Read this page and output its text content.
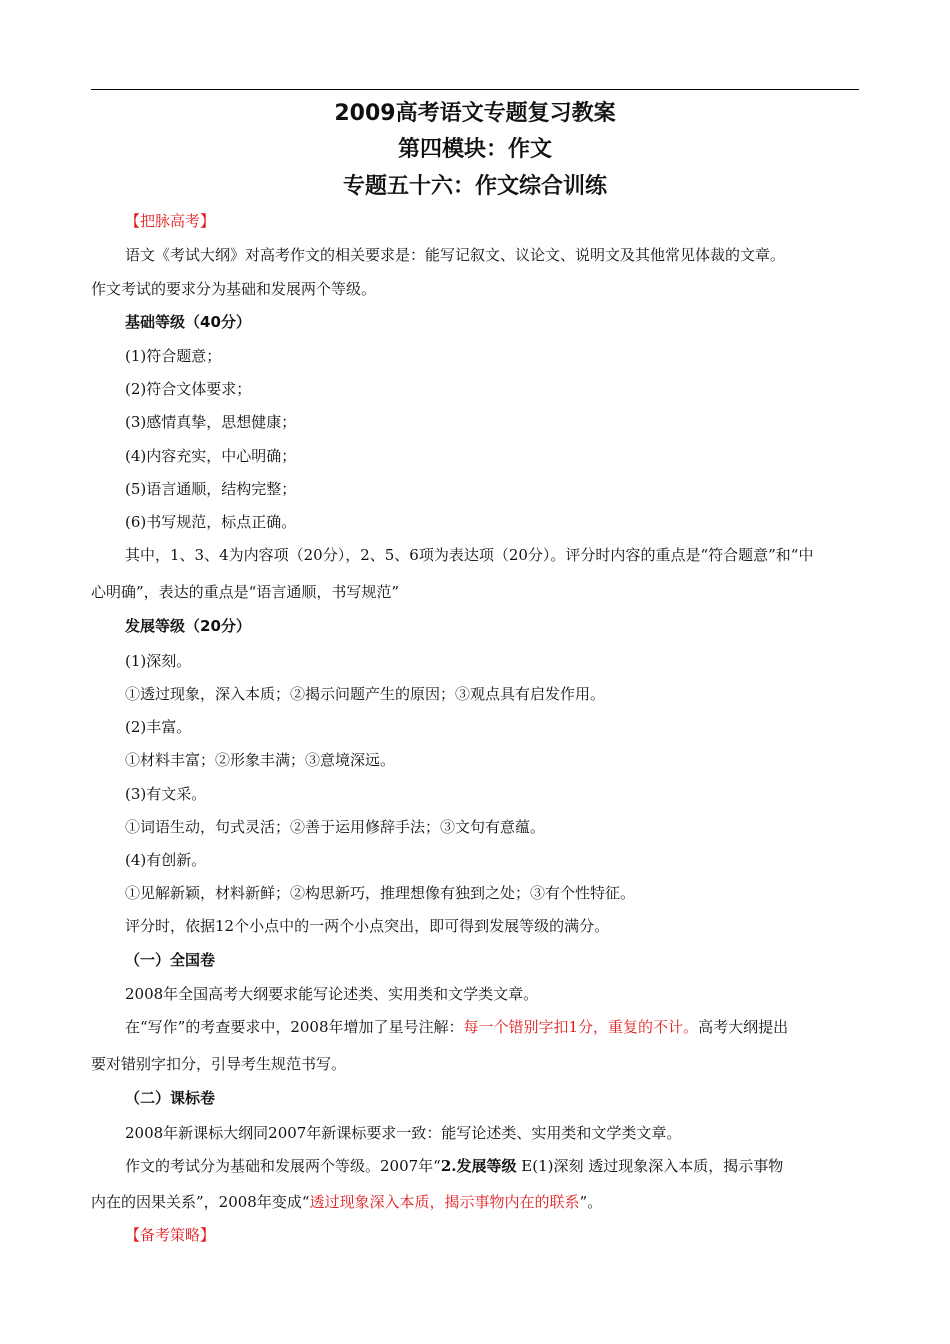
2009高考语文专题复习教案
第四模块：作文
专题五十六：作文综合训练
【把脉高考】
语文《考试大纲》对高考作文的相关要求是：能写记叙文、议论文、说明文及其他常见体裁的文章。
作文考试的要求分为基础和发展两个等级。
基础等级（40分）
(1)符合题意；
(2)符合文体要求；
(3)感情真挚，思想健康；
(4)内容充实，中心明确；
(5)语言通顺，结构完整；
(6)书写规范，标点正确。
其中，1、3、4为内容项（20分），2、5、6项为表达项（20分）。评分时内容的重点是“符合题意”和“中
心明确”，表达的重点是“语言通顺，书写规范”
发展等级（20分）
(1)深刻。
①透过现象，深入本质；②揭示问题产生的原因；③观点具有启发作用。
(2)丰富。
①材料丰富；②形象丰满；③意境深远。
(3)有文采。
①词语生动，句式灵活；②善于运用修辞手法；③文句有意蕴。
(4)有创新。
①见解新颖，材料新鲜；②构思新巧，推理想像有独到之处；③有个性特征。
评分时，依据12个小点中的一两个小点突出，即可得到发展等级的满分。
（一）全国卷
2008年全国高考大纲要求能写论述类、实用类和文学类文章。
在“写作”的考查要求中，2008年增加了星号注解：每一个错别字扣1分，重复的不计。高考大纲提出
要对错别字扣分，引导考生规范书写。
（二）课标卷
2008年新课标大纲同2007年新课标要求一致：能写论述类、实用类和文学类文章。
作文的考试分为基础和发展两个等级。2007年“2.发展等级 E(1)深刻 透过现象深入本质，揭示事物
内在的因果关系”，2008年变成“透过现象深入本质，揭示事物内在的联系”。
【备考策略】
